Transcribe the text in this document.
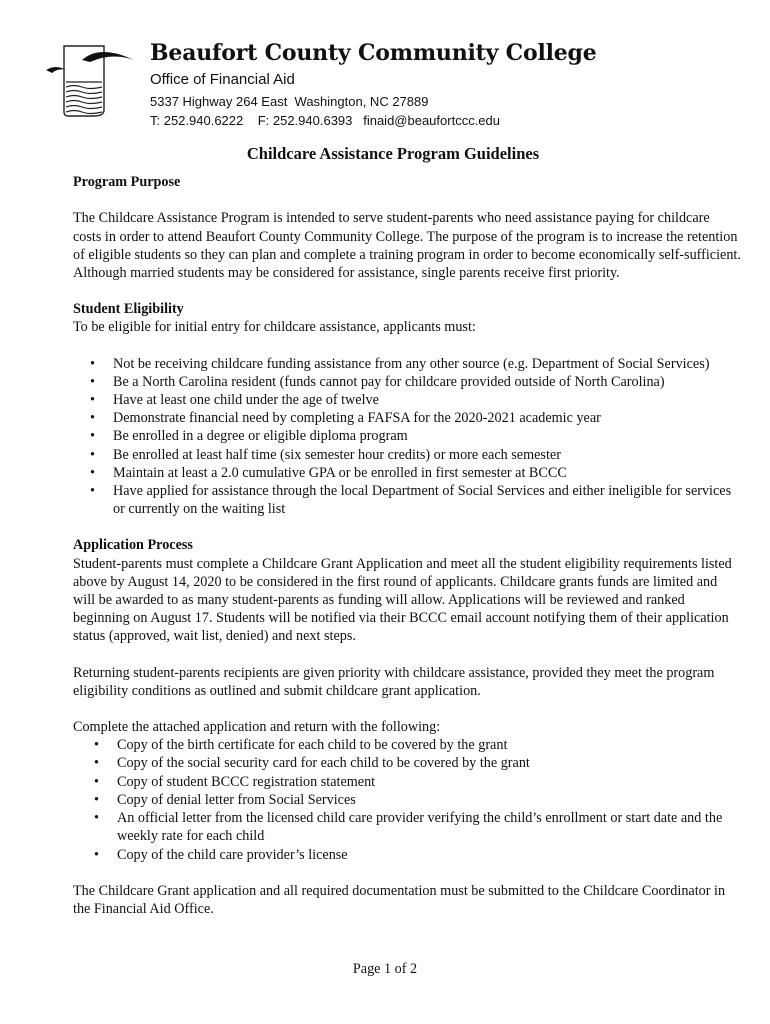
Beaufort County Community College
Office of Financial Aid
5337 Highway 264 East  Washington, NC 27889
T: 252.940.6222    F: 252.940.6393   finaid@beaufortccc.edu
Childcare Assistance Program Guidelines
Program Purpose

The Childcare Assistance Program is intended to serve student-parents who need assistance paying for childcare costs in order to attend Beaufort County Community College. The purpose of the program is to increase the retention of eligible students so they can plan and complete a training program in order to become economically self-sufficient. Although married students may be considered for assistance, single parents receive first priority.

Student Eligibility

To be eligible for initial entry for childcare assistance, applicants must:

• Not be receiving childcare funding assistance from any other source (e.g. Department of Social Services)
• Be a North Carolina resident (funds cannot pay for childcare provided outside of North Carolina)
• Have at least one child under the age of twelve
• Demonstrate financial need by completing a FAFSA for the 2020-2021 academic year
• Be enrolled in a degree or eligible diploma program
• Be enrolled at least half time (six semester hour credits) or more each semester
• Maintain at least a 2.0 cumulative GPA or be enrolled in first semester at BCCC
• Have applied for assistance through the local Department of Social Services and either ineligible for services or currently on the waiting list
Application Process

Student-parents must complete a Childcare Grant Application and meet all the student eligibility requirements listed above by August 14, 2020 to be considered in the first round of applicants. Childcare grants funds are limited and will be awarded to as many student-parents as funding will allow. Applications will be reviewed and ranked beginning on August 17. Students will be notified via their BCCC email account notifying them of their application status (approved, wait list, denied) and next steps.

Returning student-parents recipients are given priority with childcare assistance, provided they meet the program eligibility conditions as outlined and submit childcare grant application.

Complete the attached application and return with the following:

• Copy of the birth certificate for each child to be covered by the grant
• Copy of the social security card for each child to be covered by the grant
• Copy of student BCCC registration statement
• Copy of denial letter from Social Services
• An official letter from the licensed child care provider verifying the child’s enrollment or start date and the weekly rate for each child
• Copy of the child care provider’s license

The Childcare Grant application and all required documentation must be submitted to the Childcare Coordinator in the Financial Aid Office.

Page 1 of 2
